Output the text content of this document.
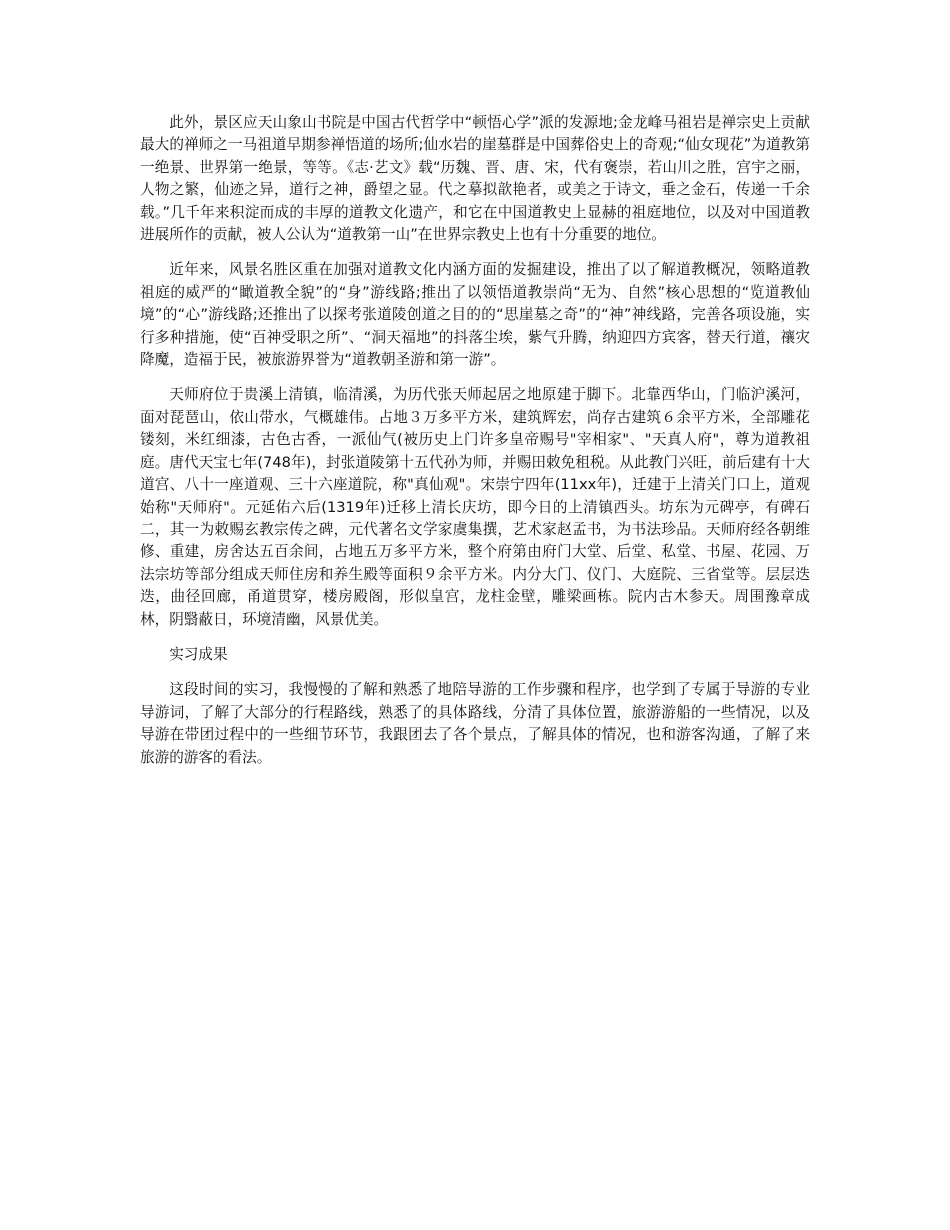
此外，景区应天山象山书院是中国古代哲学中“顿悟心学”派的发源地;金龙峰马祖岩是禅宗史上贡献最大的禅师之一马祖道早期参禅悟道的场所;仙水岩的崖墓群是中国葬俗史上的奇观;“仙女现花”为道教第一绝景、世界第一绝景，等等。《志·艺文》载“历魏、晋、唐、宋，代有褒崇，若山川之胜，宫宇之丽，人物之繁，仙迹之异，道行之神，爵望之显。代之摹拟歆艳者，或美之于诗文，垂之金石，传递一千余载。”几千年来积淀而成的丰厚的道教文化遗产，和它在中国道教史上显赫的祖庭地位，以及对中国道教进展所作的贡献，被人公认为“道教第一山”在世界宗教史上也有十分重要的地位。

近年来，风景名胜区重在加强对道教文化内涵方面的发掘建设，推出了以了解道教概况，领略道教祖庭的威严的“瞰道教全貌”的“身”游线路;推出了以领悟道教崇尚“无为、自然”核心思想的“览道教仙境”的“心”游线路;还推出了以探考张道陵创道之目的的“思崖墓之奇”的“神”神线路，完善各项设施，实行多种措施，使“百神受职之所”、“洞天福地”的抖落尘埃，紫气升腾，纳迎四方宾客，替天行道，禳灾降魔，造福于民，被旅游界誉为“道教朝圣游和第一游”。

天师府位于贵溪上清镇，临清溪，为历代张天师起居之地原建于脚下。北靠西华山，门临沪溪河，面对琵琶山，依山带水，气概雄伟。占地３万多平方米，建筑辉宏，尚存古建筑６余平方米，全部雕花镂刻，米红细漆，古色古香，一派仙气(被历史上门许多皇帝赐号"宰相家"、"天真人府"，尊为道教祖庭。唐代天宝七年(748年)，封张道陵第十五代孙为师，并赐田敕免租税。从此教门兴旺，前后建有十大道宫、八十一座道观、三十六座道院，称"真仙观"。宋崇宁四年(11xx年)，迁建于上清关门口上，道观始称"天师府"。元延佑六后(1319年)迁移上清长庆坊，即今日的上清镇西头。坊东为元碑亭，有碑石二，其一为敕赐玄教宗传之碑，元代著名文学家虞集撰，艺术家赵孟书，为书法珍品。天师府经各朝维修、重建，房舍达五百余间，占地五万多平方米，整个府第由府门大堂、后堂、私堂、书屋、花园、万法宗坊等部分组成天师住房和养生殿等面积９余平方米。内分大门、仪门、大庭院、三省堂等。层层迭迭，曲径回廊，甬道贯穿，楼房殿阁，形似皇宫，龙柱金壁，雕梁画栋。院内古木参天。周围豫章成林，阴翳蔽日，环境清幽，风景优美。

实习成果

这段时间的实习，我慢慢的了解和熟悉了地陪导游的工作步骤和程序，也学到了专属于导游的专业导游词，了解了大部分的行程路线，熟悉了的具体路线，分清了具体位置，旅游游船的一些情况，以及导游在带团过程中的一些细节环节，我跟团去了各个景点，了解具体的情况，也和游客沟通，了解了来旅游的游客的看法。
